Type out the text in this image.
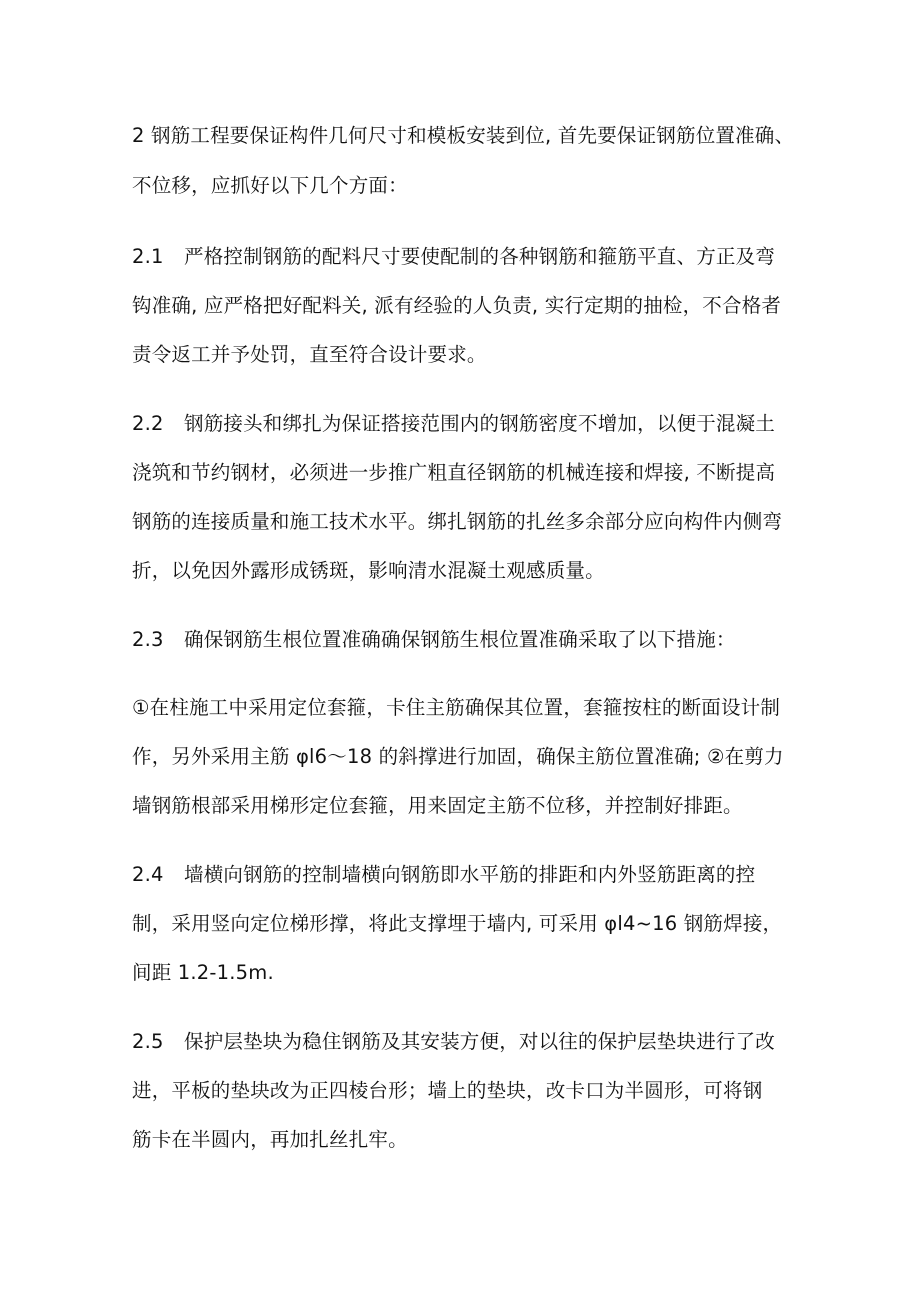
2 钢筋工程要保证构件几何尺寸和模板安装到位, 首先要保证钢筋位置准确、
不位移，应抓好以下几个方面：
2.1 严格控制钢筋的配料尺寸要使配制的各种钢筋和箍筋平直、方正及弯
钩准确, 应严格把好配料关, 派有经验的人负责, 实行定期的抽检，不合格者
责令返工并予处罚，直至符合设计要求。
2.2 钢筋接头和绑扎为保证搭接范围内的钢筋密度不增加，以便于混凝土
浇筑和节约钢材，必须进一步推广粗直径钢筋的机械连接和焊接, 不断提高
钢筋的连接质量和施工技术水平。绑扎钢筋的扎丝多余部分应向构件内侧弯
折，以免因外露形成锈斑，影响清水混凝土观感质量。
2.3 确保钢筋生根位置准确确保钢筋生根位置准确采取了以下措施：
①在柱施工中采用定位套箍，卡住主筋确保其位置，套箍按柱的断面设计制
作，另外采用主筋 φl6～18 的斜撑进行加固，确保主筋位置准确; ②在剪力
墙钢筋根部采用梯形定位套箍，用来固定主筋不位移，并控制好排距。
2.4 墙横向钢筋的控制墙横向钢筋即水平筋的排距和内外竖筋距离的控
制，采用竖向定位梯形撑，将此支撑埋于墙内, 可采用 φl4~16 钢筋焊接，
间距 1.2-1.5m.
2.5 保护层垫块为稳住钢筋及其安装方便，对以往的保护层垫块进行了改
进，平板的垫块改为正四棱台形；墙上的垫块，改卡口为半圆形，可将钢
筋卡在半圆内，再加扎丝扎牢。
